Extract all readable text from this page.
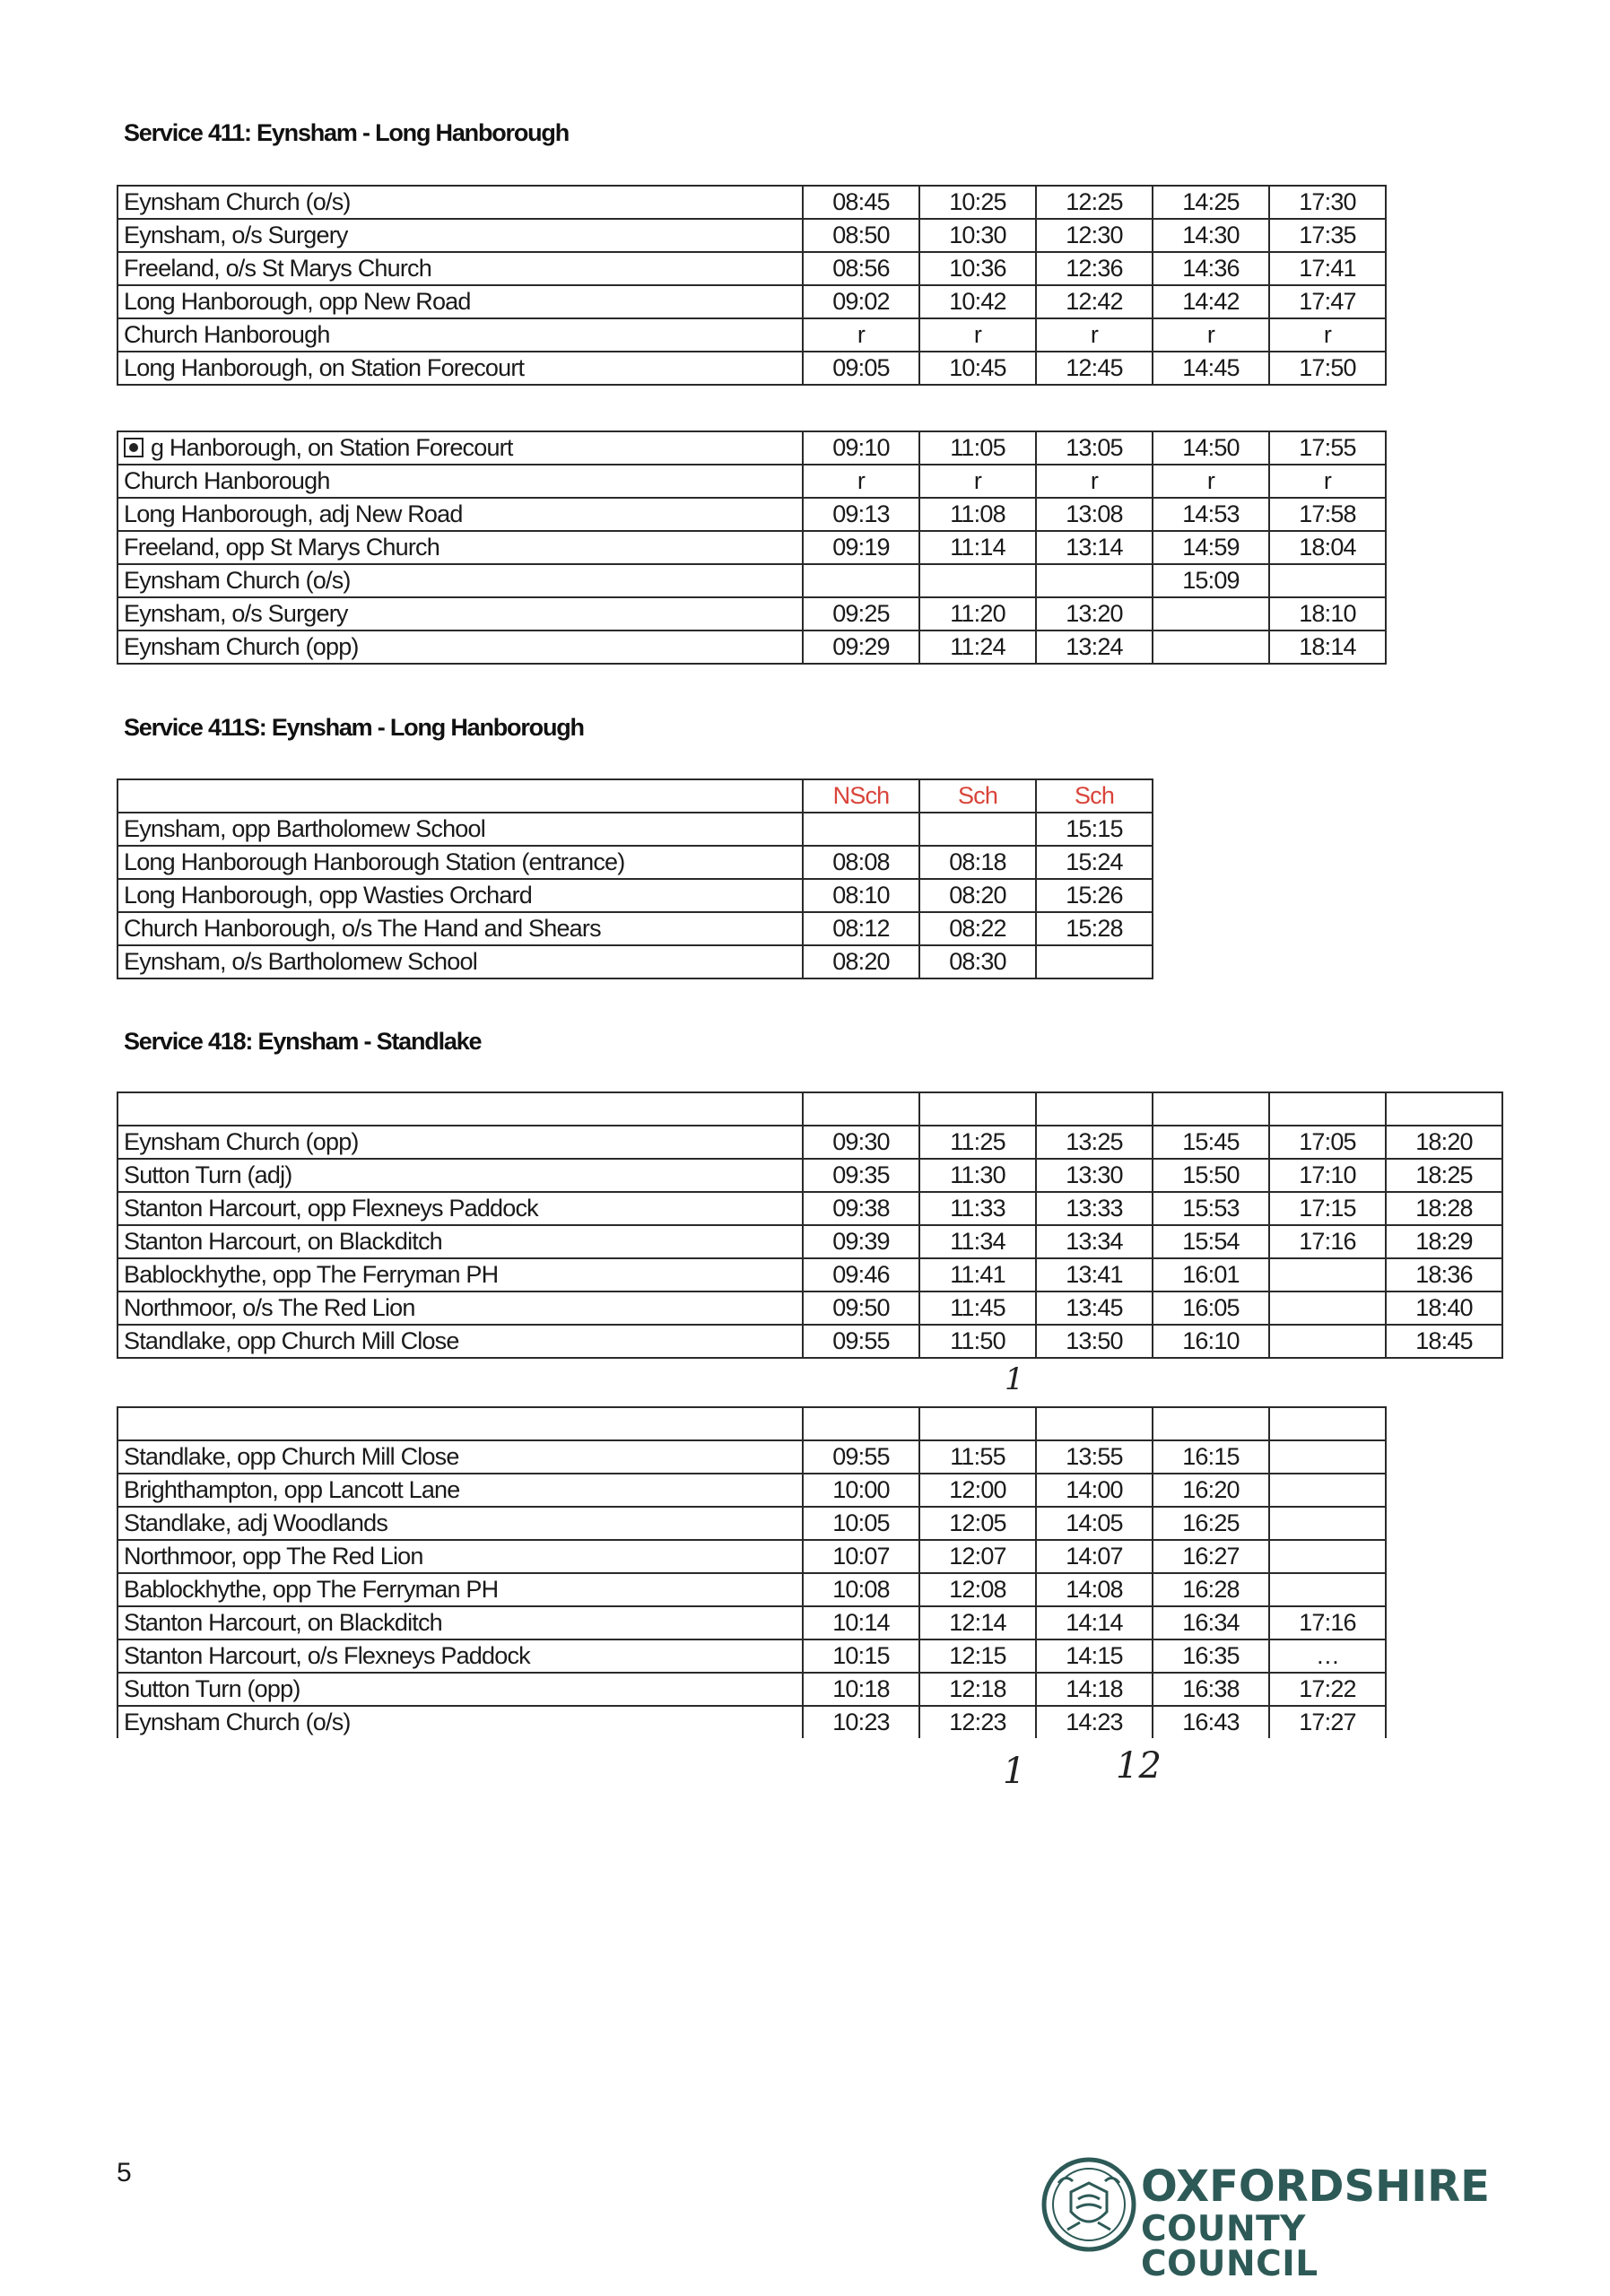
Service 411: Eynsham - Long Hanborough
Eynsham Church (o/s)	08:45	10:25	12:25	14:25	17:30
Eynsham, o/s Surgery	08:50	10:30	12:30	14:30	17:35
Freeland, o/s St Marys Church	08:56	10:36	12:36	14:36	17:41
Long Hanborough, opp New Road	09:02	10:42	12:42	14:42	17:47
Church Hanborough	r	r	r	r	r
Long Hanborough, on Station Forecourt	09:05	10:45	12:45	14:45	17:50
g Hanborough, on Station Forecourt	09:10	11:05	13:05	14:50	17:55
Church Hanborough	r	r	r	r	r
Long Hanborough, adj New Road	09:13	11:08	13:08	14:53	17:58
Freeland, opp St Marys Church	09:19	11:14	13:14	14:59	18:04
Eynsham Church (o/s)				15:09	
Eynsham, o/s Surgery	09:25	11:20	13:20		18:10
Eynsham Church (opp)	09:29	11:24	13:24		18:14
Service 411S: Eynsham - Long Hanborough
	NSch	Sch	Sch
Eynsham, opp Bartholomew School			15:15
Long Hanborough Hanborough Station (entrance)	08:08	08:18	15:24
Long Hanborough, opp Wasties Orchard	08:10	08:20	15:26
Church Hanborough, o/s The Hand and Shears	08:12	08:22	15:28
Eynsham, o/s Bartholomew School	08:20	08:30	
Service 418: Eynsham - Standlake

Eynsham Church (opp)	09:30	11:25	13:25	15:45	17:05	18:20
Sutton Turn (adj)	09:35	11:30	13:30	15:50	17:10	18:25
Stanton Harcourt, opp Flexneys Paddock	09:38	11:33	13:33	15:53	17:15	18:28
Stanton Harcourt, on Blackditch	09:39	11:34	13:34	15:54	17:16	18:29
Bablockhythe, opp The Ferryman PH	09:46	11:41	13:41	16:01		18:36
Northmoor, o/s The Red Lion	09:50	11:45	13:45	16:05		18:40
Standlake, opp Church Mill Close	09:55	11:50	13:50	16:10		18:45

Standlake, opp Church Mill Close	09:55	11:55	13:55	16:15	
Brighthampton, opp Lancott Lane	10:00	12:00	14:00	16:20	
Standlake, adj Woodlands	10:05	12:05	14:05	16:25	
Northmoor, opp The Red Lion	10:07	12:07	14:07	16:27	
Bablockhythe, opp The Ferryman PH	10:08	12:08	14:08	16:28	
Stanton Harcourt, on Blackditch	10:14	12:14	14:14	16:34	17:16
Stanton Harcourt, o/s Flexneys Paddock	10:15	12:15	14:15	16:35	…
Sutton Turn (opp)	10:18	12:18	14:18	16:38	17:22
Eynsham Church (o/s)	10:23	12:23	14:23	16:43	17:27
1
1	12
5	OXFORDSHIRE
COUNTY COUNCIL
